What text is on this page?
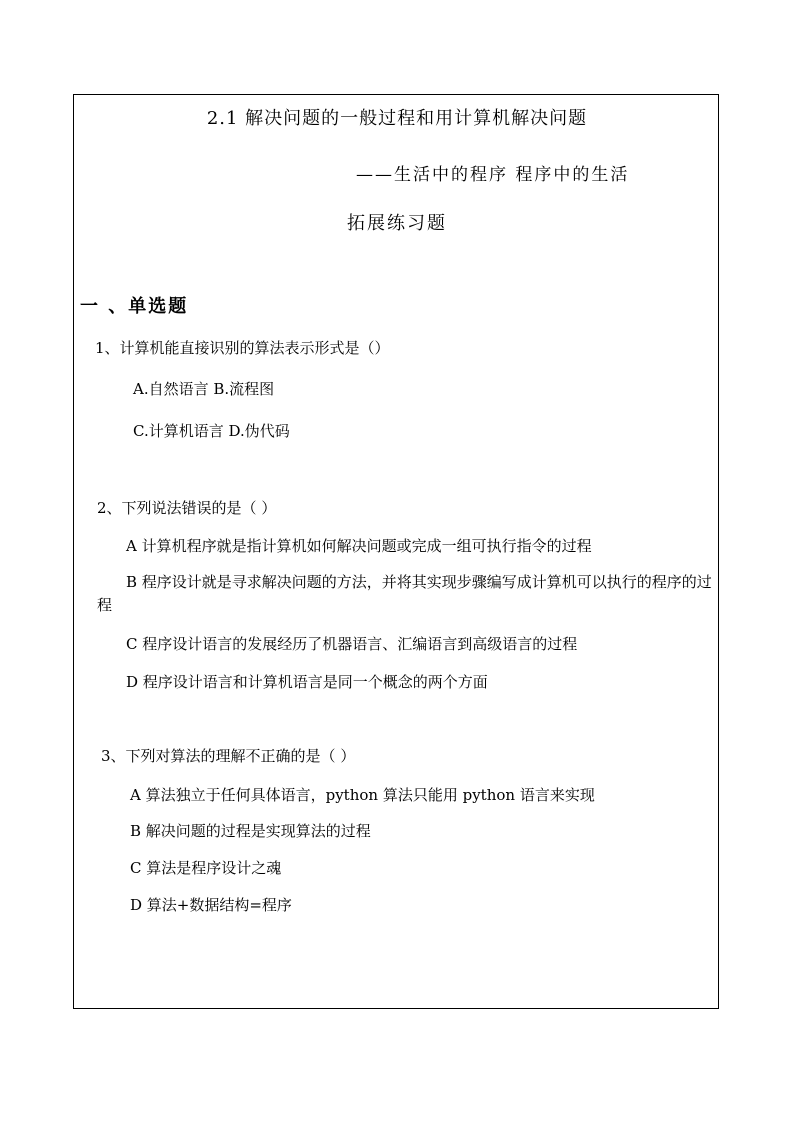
2.1 解决问题的一般过程和用计算机解决问题
——生活中的程序 程序中的生活
拓展练习题
一 、单选题
1、计算机能直接识别的算法表示形式是（）
A.自然语言 B.流程图
C.计算机语言 D.伪代码
2、下列说法错误的是（ ）
A 计算机程序就是指计算机如何解决问题或完成一组可执行指令的过程
B 程序设计就是寻求解决问题的方法，并将其实现步骤编写成计算机可以执行的程序的过程
C 程序设计语言的发展经历了机器语言、汇编语言到高级语言的过程
D 程序设计语言和计算机语言是同一个概念的两个方面
3、下列对算法的理解不正确的是（ ）
A 算法独立于任何具体语言，python 算法只能用 python 语言来实现
B 解决问题的过程是实现算法的过程
C 算法是程序设计之魂
D 算法+数据结构=程序
